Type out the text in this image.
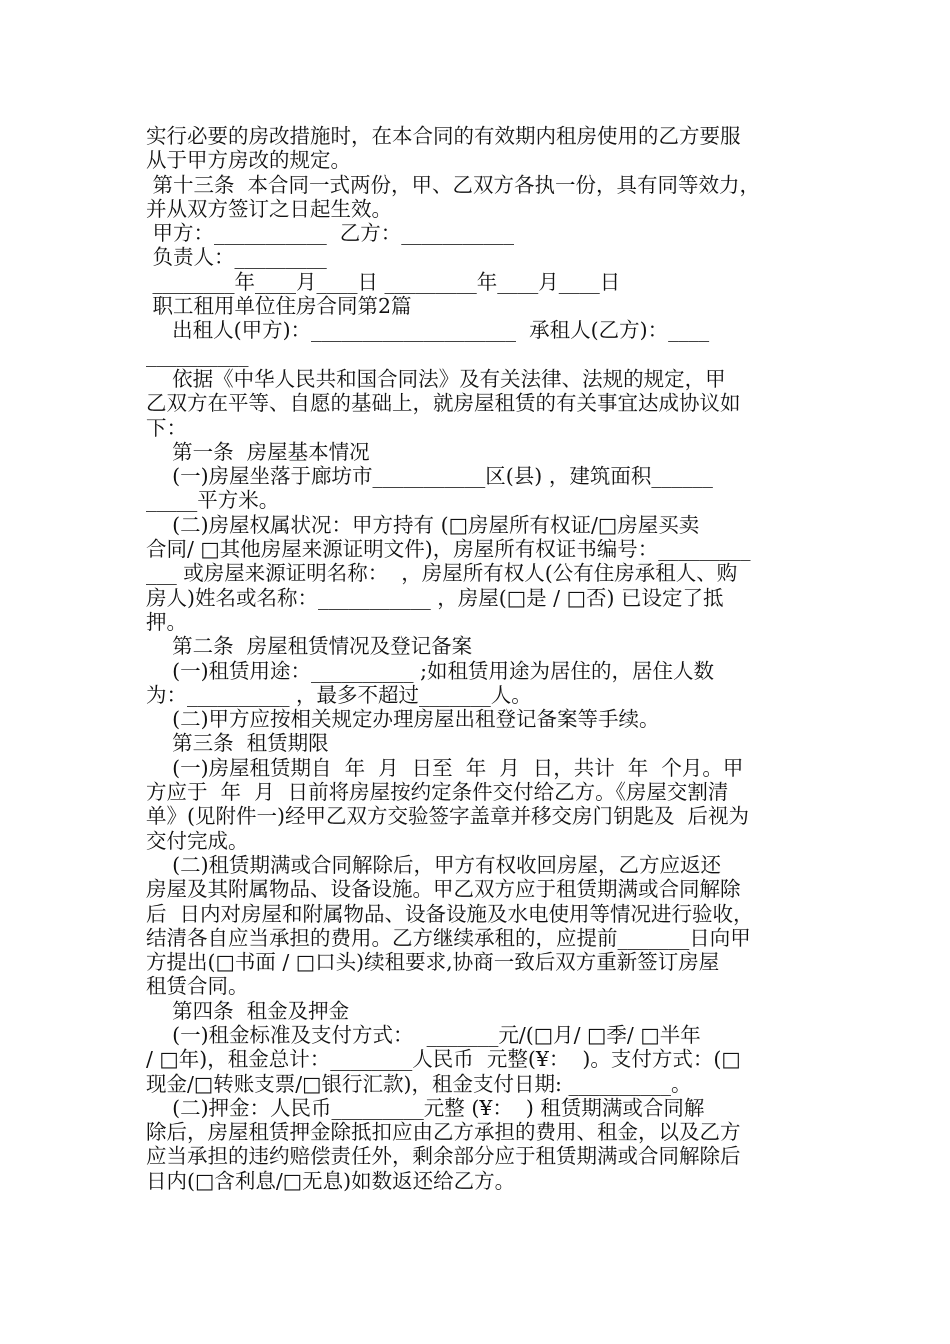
实行必要的房改措施时，在本合同的有效期内租房使用的乙方要服
从于甲方房改的规定。
第十三条  本合同一式两份，甲、乙双方各执一份，具有同等效力，
并从双方签订之日起生效。
甲方：___________  乙方：___________
负责人：_________
________年____月____日 _________年____月____日
职工租用单位住房合同第2篇
出租人(甲方)：____________________  承租人(乙方)：____
__________
依据《中华人民共和国合同法》及有关法律、法规的规定，甲
乙双方在平等、自愿的基础上，就房屋租赁的有关事宜达成协议如
下：
第一条  房屋基本情况
(一)房屋坐落于廊坊市___________区(县) ，建筑面积______
_____平方米。
(二)房屋权属状况：甲方持有 (□房屋所有权证/□房屋买卖
合同/ □其他房屋来源证明文件)，房屋所有权证书编号：_________
___ 或房屋来源证明名称：  ，房屋所有权人(公有住房承租人、购
房人)姓名或名称：___________ ，房屋(□是 / □否) 已设定了抵
押。
第二条  房屋租赁情况及登记备案
(一)租赁用途：__________ ;如租赁用途为居住的，居住人数
为：__________ ，最多不超过_______人。
(二)甲方应按相关规定办理房屋出租登记备案等手续。
第三条  租赁期限
(一)房屋租赁期自  年  月  日至  年  月  日，共计  年  个月。甲
方应于  年  月  日前将房屋按约定条件交付给乙方。《房屋交割清
单》(见附件一)经甲乙双方交验签字盖章并移交房门钥匙及  后视为
交付完成。
(二)租赁期满或合同解除后，甲方有权收回房屋，乙方应返还
房屋及其附属物品、设备设施。甲乙双方应于租赁期满或合同解除
后  日内对房屋和附属物品、设备设施及水电使用等情况进行验收，
结清各自应当承担的费用。乙方继续承租的，应提前_______日向甲
方提出(□书面 / □口头)续租要求,协商一致后双方重新签订房屋
租赁合同。
第四条  租金及押金
(一)租金标准及支付方式：  _______元/(□月/ □季/ □半年
/ □年)，租金总计：________人民币  元整(¥：  )。支付方式：(□
现金/□转账支票/□银行汇款)，租金支付日期: __________。
(二)押金：人民币_________元整 (¥：  ) 租赁期满或合同解
除后，房屋租赁押金除抵扣应由乙方承担的费用、租金，以及乙方
应当承担的违约赔偿责任外，剩余部分应于租赁期满或合同解除后
日内(□含利息/□无息)如数返还给乙方。
